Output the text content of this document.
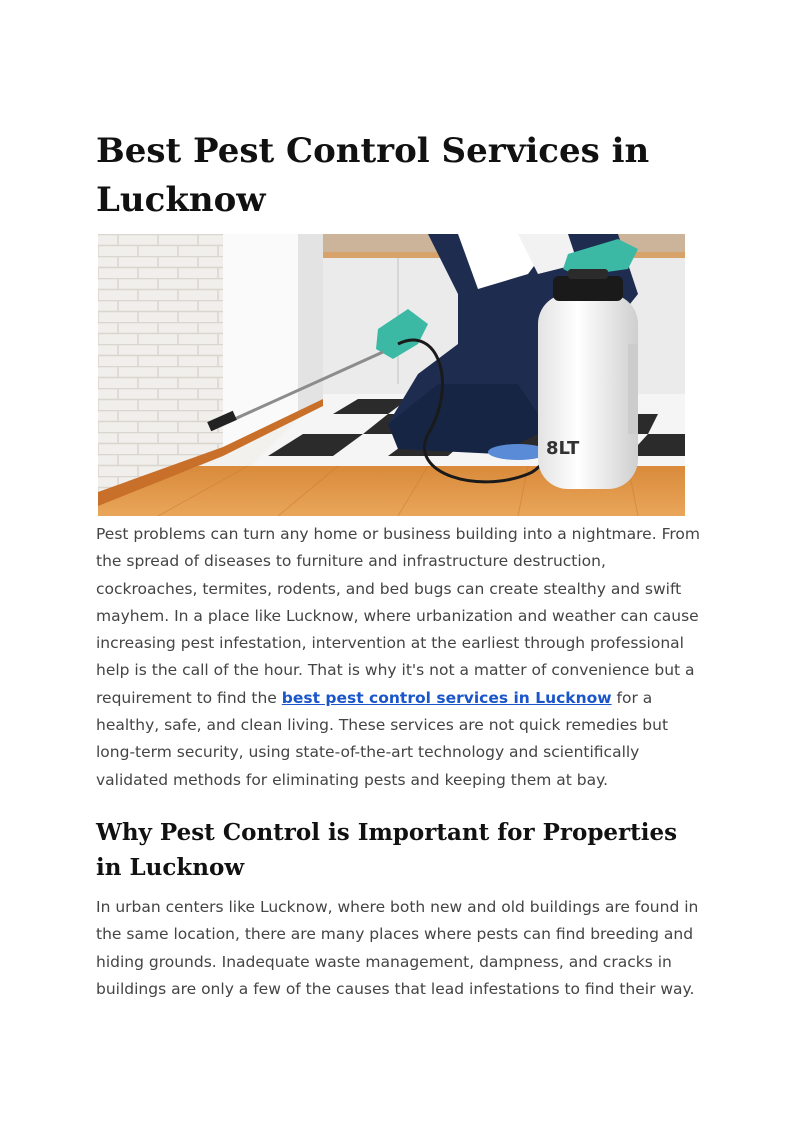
Best Pest Control Services in Lucknow
8LT

Pest problems can turn any home or business building into a nightmare. From the spread of diseases to furniture and infrastructure destruction, cockroaches, termites, rodents, and bed bugs can create stealthy and swift mayhem. In a place like Lucknow, where urbanization and weather can cause increasing pest infestation, intervention at the earliest through professional help is the call of the hour. That is why it's not a matter of convenience but a requirement to find the best pest control services in Lucknow for a healthy, safe, and clean living. These services are not quick remedies but long-term security, using state-of-the-art technology and scientifically validated methods for eliminating pests and keeping them at bay.

Why Pest Control is Important for Properties in Lucknow

In urban centers like Lucknow, where both new and old buildings are found in the same location, there are many places where pests can find breeding and hiding grounds. Inadequate waste management, dampness, and cracks in buildings are only a few of the causes that lead infestations to find their way.
